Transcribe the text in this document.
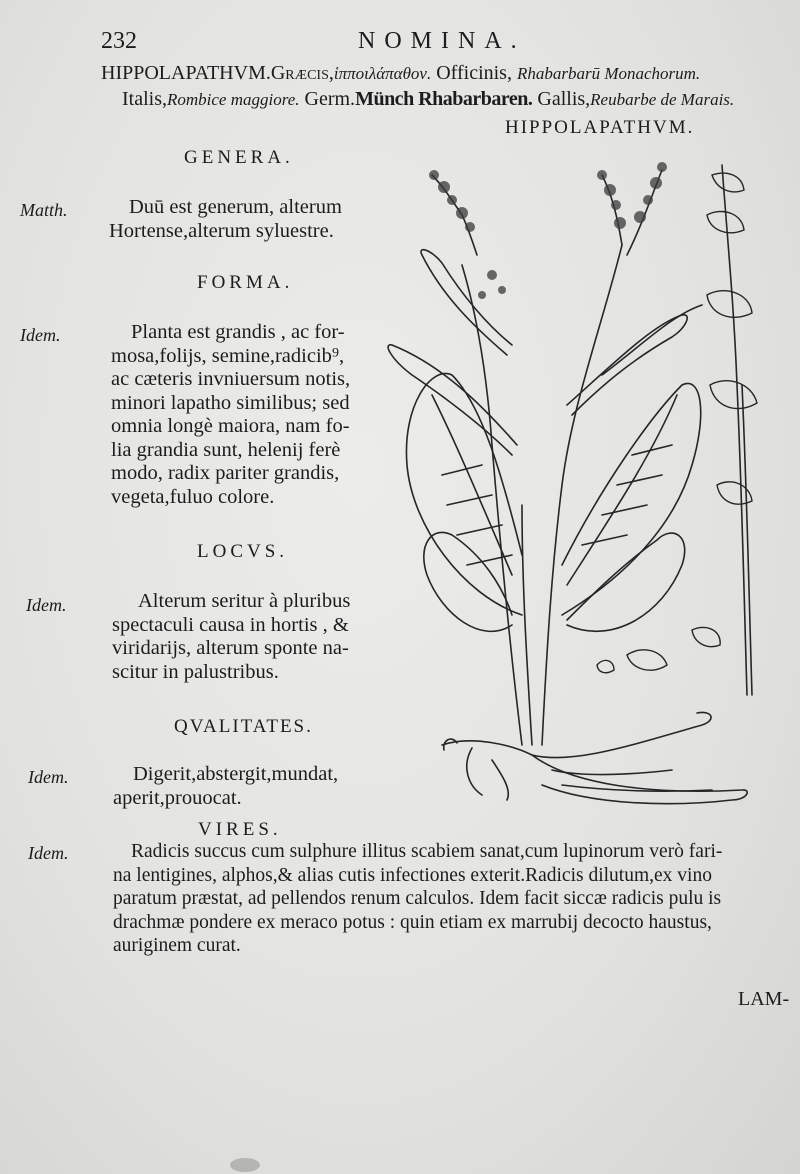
232	NOMINA.
HIPPOLAPATHVM.Græcis,ἱπποιλάπαθον. Officinis, Rhabarbarū Monachorum.
Italis,Rombice maggiore. Germ.Münch Rhabarbaren. Gallis,Reubarbe de Marais.
HIPPOLAPATHVM.
GENERA.
Matth.	Duū est generum, alterum
Hortense,alterum syluestre.
FORMA.
Idem.	Planta est grandis , ac for-
mosa,folijs, semine,radicib⁹,
ac cæteris invniuersum notis,
minori lapatho similibus; sed
omnia longè maiora, nam fo-
lia grandia sunt, helenij ferè
modo, radix pariter grandis,
vegeta,fuluo colore.
LOCVS.
Idem.	Alterum seritur à pluribus
spectaculi causa in hortis , &
viridarijs, alterum sponte na-
scitur in palustribus.
QVALITATES.
Idem.	Digerit,abstergit,mundat,
aperit,prouocat.
VIRES.
Idem.	Radicis succus cum sulphure illitus scabiem sanat,cum lupinorum verò fari-
na lentigines, alphos,& alias cutis infectiones exterit.Radicis dilutum,ex vino
paratum præstat, ad pellendos renum calculos. Idem facit siccæ radicis pulu is
drachmæ pondere ex meraco potus : quin etiam ex marrubij decocto haustus,
auriginem curat.
LAM-
